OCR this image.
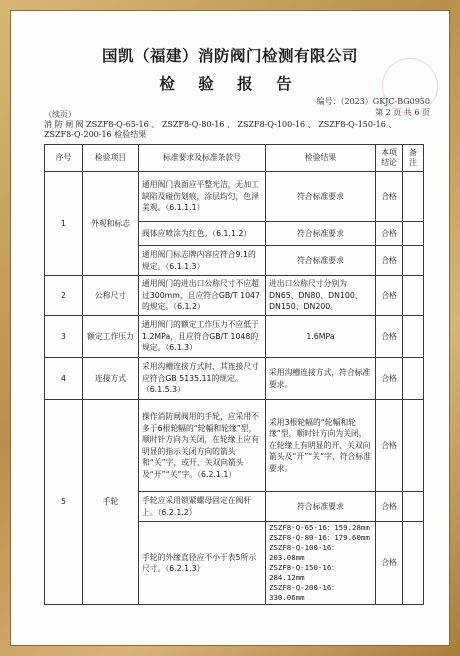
国凯（福建）消防阀门检测有限公司
检 验 报 告
编号：（2023）GKJC-BG0950
第 2 页 共 6 页
（续页）
消 防 闸 阀 ZSZF8-Q-65-16 、 ZSZF8-Q-80-16 、 ZSZF8-Q-100-16 、 ZSZF8-Q-150-16 、 ZSZF8-Q-200-16 检验结果
序号	检验项目	标准要求及标准条款号	检验结果	本项结论	备注
1	外观和标志	通用阀门表面应平整光洁，无加工缺陷及碰伤划痕，涂层均匀，色泽美观。（6.1.1.1）	符合标准要求	合格	
		阀体应喷涂为红色。（6.1.1.2）	符合标准要求	合格	
		通用阀门标志牌内容应符合9.1的规定。（6.1.1.3）	符合标准要求	合格	
2	公称尺寸	通用阀门的进出口公称尺寸不应超过300mm，且应符合GB/T 1047的规定。（6.1.2）	进出口公称尺寸分别为DN65、DN80、DN100、DN150、DN200。	合格	
3	额定工作压力	通用阀门的额定工作压力不应低于1.2MPa，且应符合GB/T 1048的规定。（6.1.3）	1.6MPa	合格	
4	连接方式	采用沟槽连接方式时，其连接尺寸应符合GB 5135.11的规定。（6.1.5.3）	采用沟槽连接方式，符合标准要求。	合格	
5	手轮	操作消防闸阀用的手轮，应采用不多于6根轮幅的“轮幅和轮缘”型，顺时针方向为关闭，在轮缘上应有明显的指示关闭方向的箭头和“关”字，或开、关双向箭头及“开”“关”字。（6.2.1.1）	采用3根轮幅的“轮幅和轮缘”型，顺时针方向为关闭，在轮缘上有明显的开、关双向箭头及“开”“关”字，符合标准要求。	合格	
		手轮应采用锁紧螺母固定在阀杆上。（6.2.1.2）	符合标准要求	合格	
		手轮的外缘直径应不小于表5所示尺寸。（6.2.1.3）	ZSZF8-Q-65-16：159.28mm
ZSZF8-Q-80-16：179.60mm
ZSZF8-Q-100-16：203.08mm
ZSZF8-Q-150-16：284.12mm
ZSZF8-Q-200-16：330.06mm	合格	
